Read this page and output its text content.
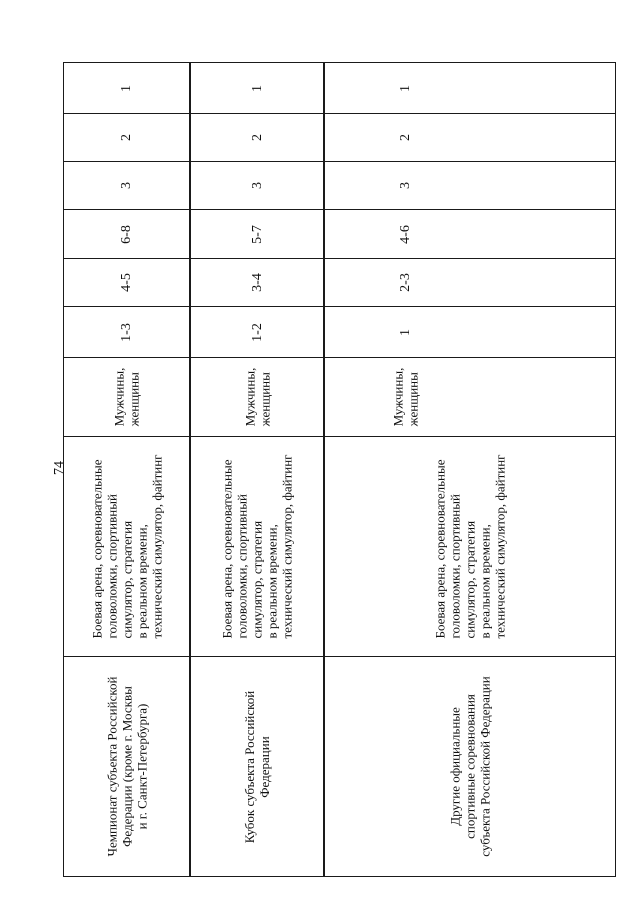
74
Чемпионат субъекта Российской
Федерации (кроме г. Москвы
и г. Санкт-Петербурга)
Боевая арена, соревновательные
головоломки, спортивный
симулятор, стратегия
в реальном времени,
технический симулятор, файтинг
Мужчины,
женщины
1-3
4-5
6-8
3
2
1
Кубок субъекта Российской
Федерации
Боевая арена, соревновательные
головоломки, спортивный
симулятор, стратегия
в реальном времени,
технический симулятор, файтинг
Мужчины,
женщины
1-2
3-4
5-7
3
2
1
Другие официальные
спортивные соревнования
субъекта Российской Федерации
Боевая арена, соревновательные
головоломки, спортивный
симулятор, стратегия
в реальном времени,
технический симулятор, файтинг
Мужчины,
женщины
1
2-3
4-6
3
2
1
